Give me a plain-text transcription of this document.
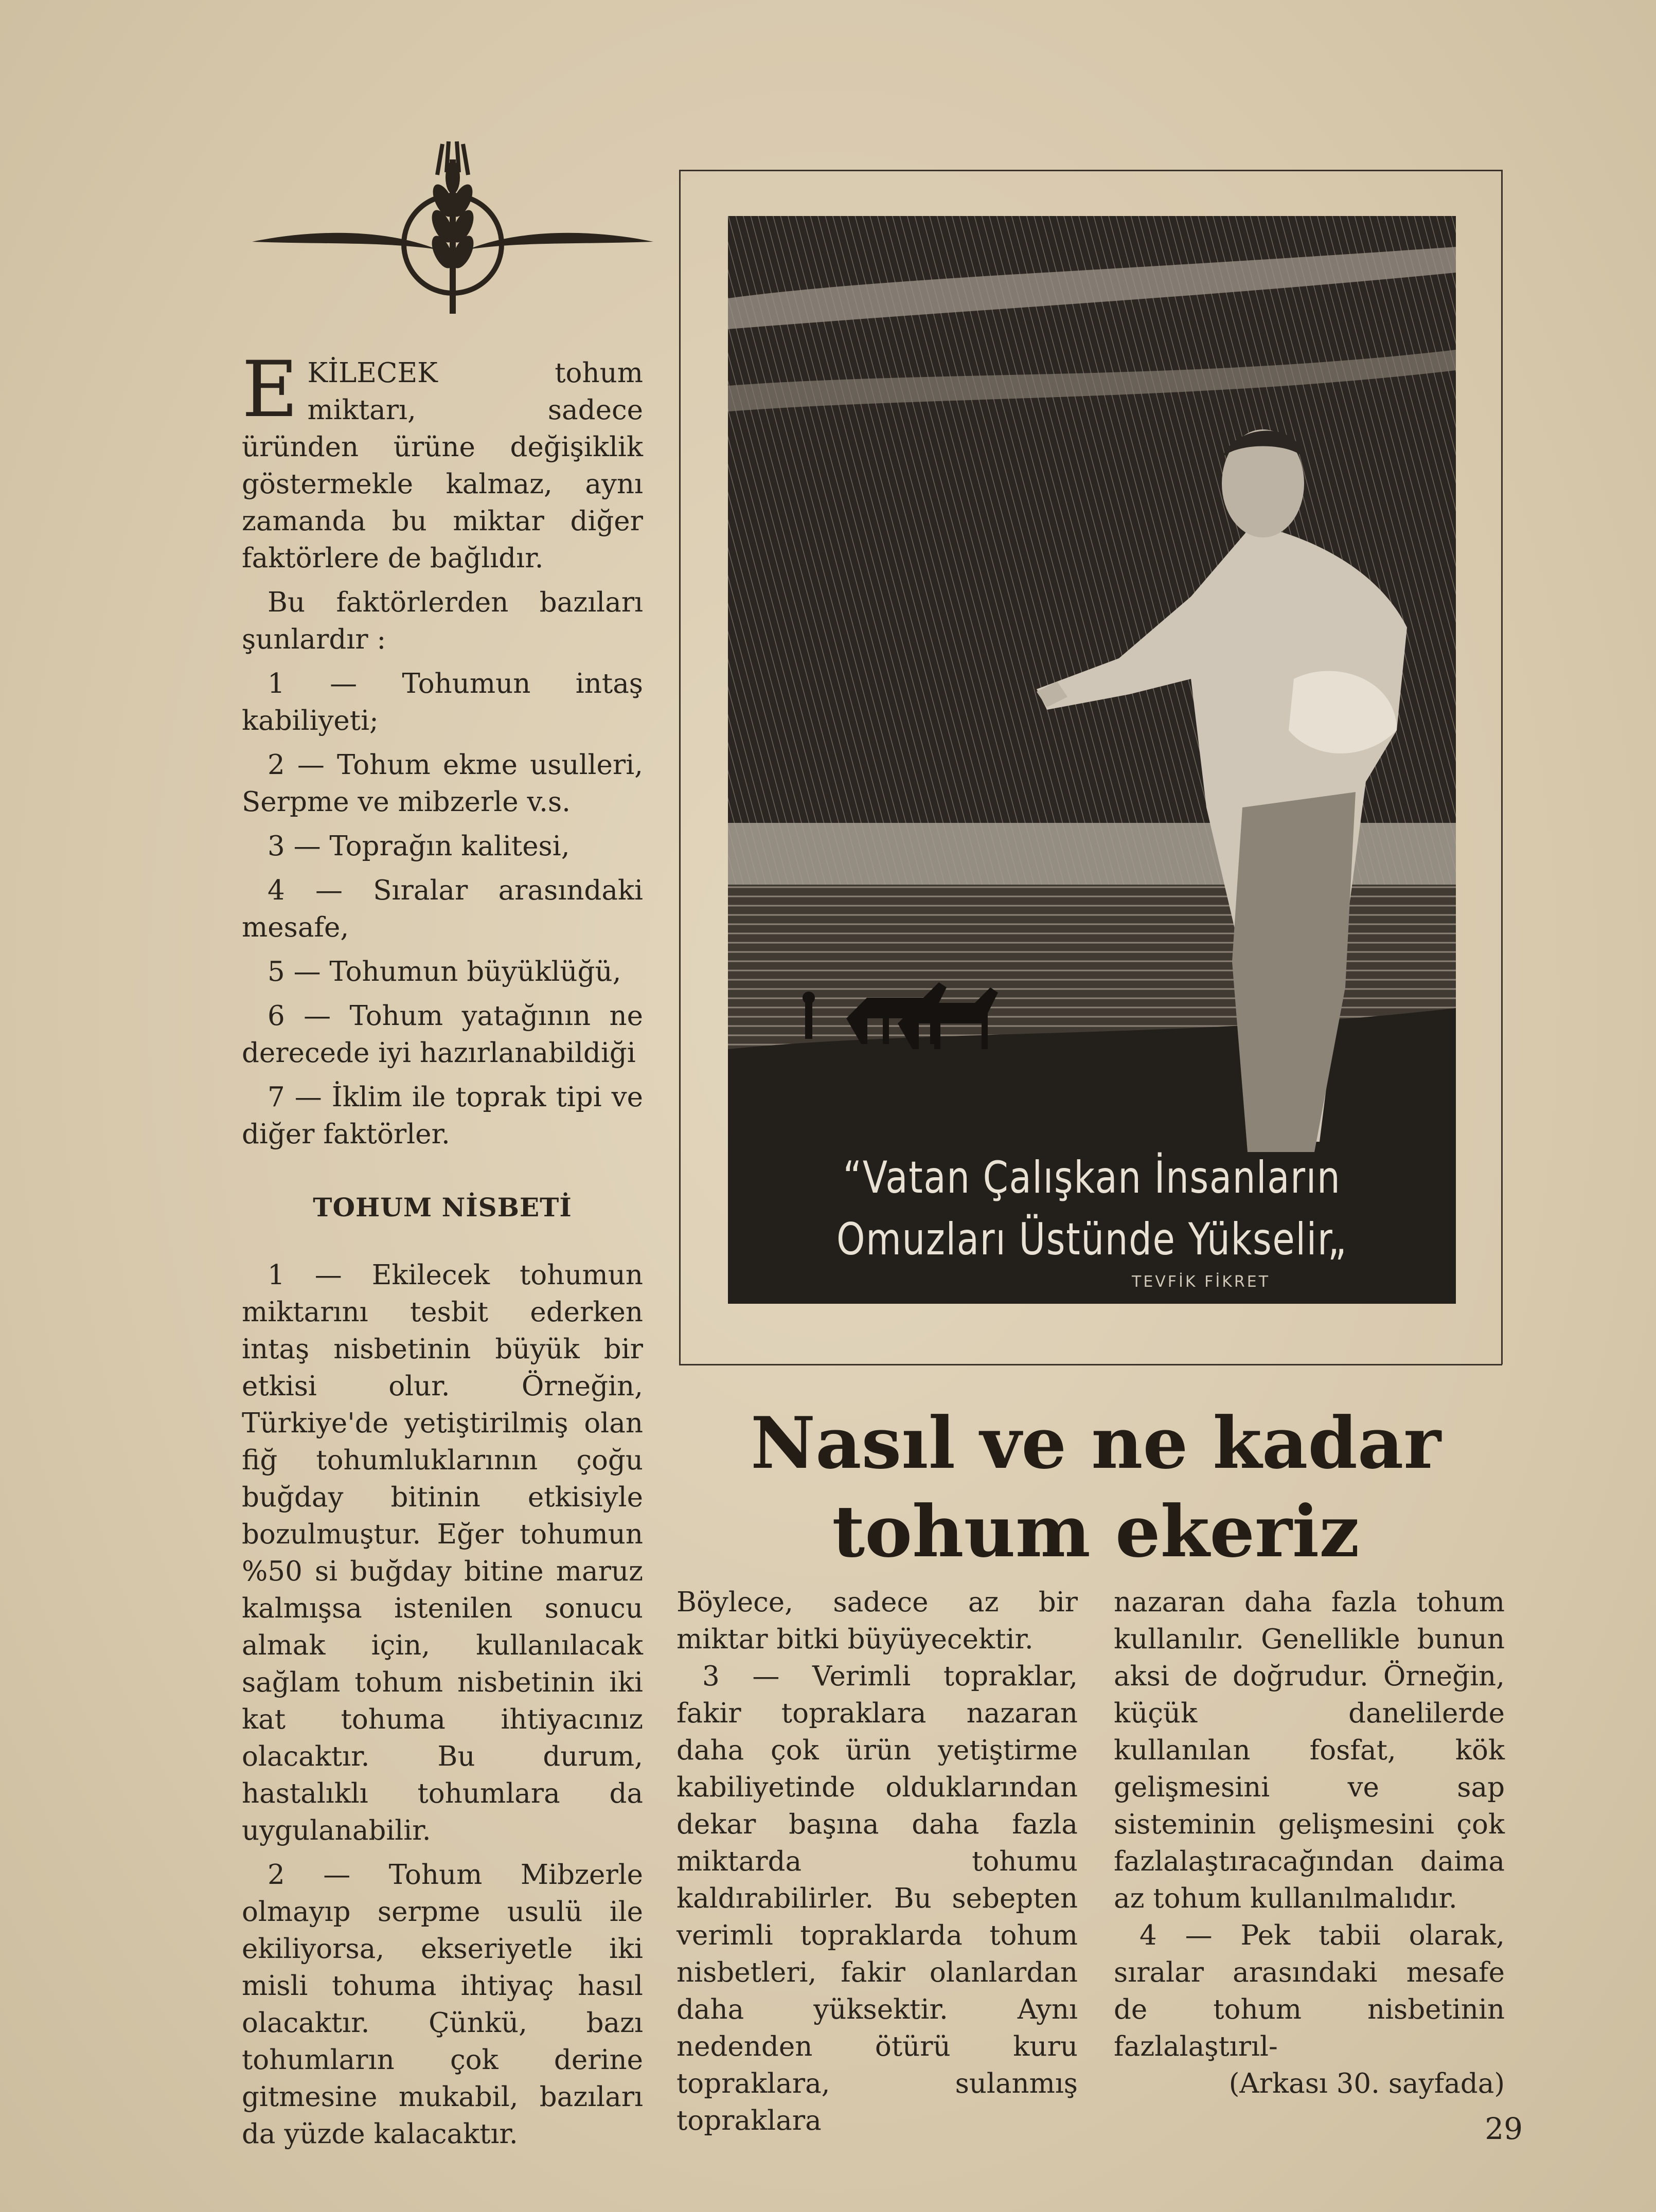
E KİLECEK tohum miktarı, sadece üründen ürüne değişiklik göstermekle kalmaz, aynı zamanda bu miktar diğer faktörlere de bağlıdır.

Bu faktörlerden bazıları şunlardır :

1 — Tohumun intaş kabiliyeti;

2 — Tohum ekme usulleri, Serpme ve mibzerle v.s.

3 — Toprağın kalitesi,

4 — Sıralar arasındaki mesafe,

5 — Tohumun büyüklüğü,

6 — Tohum yatağının ne derecede iyi hazırlanabildiği

7 — İklim ile toprak tipi ve diğer faktörler.

TOHUM NİSBETİ

1 — Ekilecek tohumun miktarını tesbit ederken intaş nisbetinin büyük bir etkisi olur. Örneğin, Türkiye'de yetiştirilmiş olan fiğ tohumluklarının çoğu buğday bitinin etkisiyle bozulmuştur. Eğer tohumun %50 si buğday bitine maruz kalmışsa istenilen sonucu almak için, kullanılacak sağlam tohum nisbetinin iki kat tohuma ihtiyacınız olacaktır. Bu durum, hastalıklı tohumlara da uygulanabilir.

2 — Tohum Mibzerle olmayıp serpme usulü ile ekiliyorsa, ekseriyetle iki misli tohuma ihtiyaç hasıl olacaktır. Çünkü, bazı tohumların çok derine gitmesine mukabil, bazıları da yüzde kalacaktır.

“Vatan Çalışkan İnsanların
Omuzları Üstünde Yükselir„
TEVFİK FİKRET
Nasıl ve ne kadar
tohum ekeriz

Böylece, sadece az bir miktar bitki büyüyecektir.

3 — Verimli topraklar, fakir topraklara nazaran daha çok ürün yetiştirme kabiliyetinde olduklarından dekar başına daha fazla miktarda tohumu kaldırabilirler. Bu sebepten verimli topraklarda tohum nisbetleri, fakir olanlardan daha yüksektir. Aynı nedenden ötürü kuru topraklara, sulanmış topraklara

nazaran daha fazla tohum kullanılır. Genellikle bunun aksi de doğrudur. Örneğin, küçük danelilerde kullanılan fosfat, kök gelişmesini ve sap sisteminin gelişmesini çok fazlalaştıracağından daima az tohum kullanılmalıdır.

4 — Pek tabii olarak, sıralar arasındaki mesafe de tohum nisbetinin fazlalaştırıl-

(Arkası 30. sayfada)

29
